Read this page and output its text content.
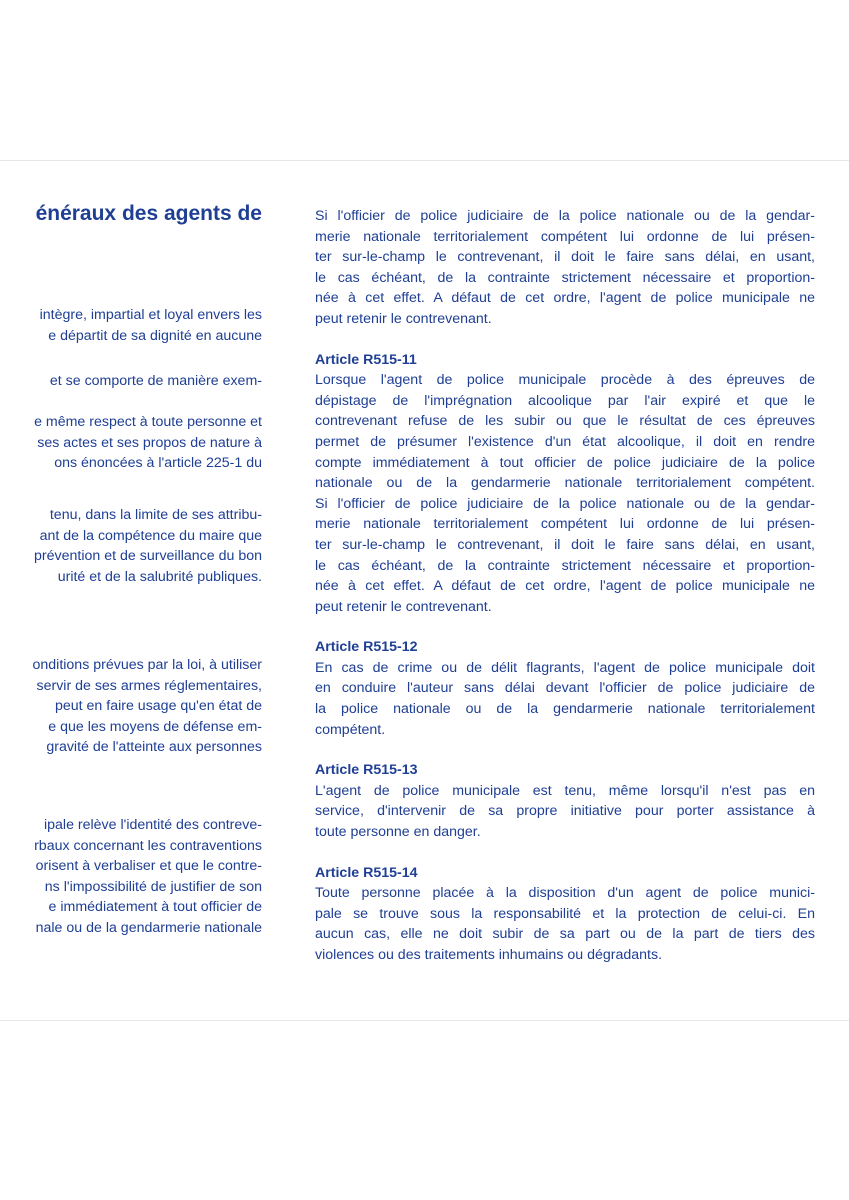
énéraux des agents de
intègre, impartial et loyal envers les
e départit de sa dignité en aucune
et se comporte de manière exem-
e même respect à toute personne et
ses actes et ses propos de nature à
ons énoncées à l'article 225-1 du
tenu, dans la limite de ses attribu-
ant de la compétence du maire que
prévention et de surveillance du bon
urité et de la salubrité publiques.
onditions prévues par la loi, à utiliser
servir de ses armes réglementaires,
peut en faire usage qu'en état de
e que les moyens de défense em-
gravité de l'atteinte aux personnes
ipale relève l'identité des contreve-
rbaux concernant les contraventions
orisent à verbaliser et que le contre-
ns l'impossibilité de justifier de son
e immédiatement à tout officier de
nale ou de la gendarmerie nationale
Si l'officier de police judiciaire de la police nationale ou de la gendar-
merie nationale territorialement compétent lui ordonne de lui présen-
ter sur-le-champ le contrevenant, il doit le faire sans délai, en usant,
le cas échéant, de la contrainte strictement nécessaire et proportion-
née à cet effet. A défaut de cet ordre, l'agent de police municipale ne
peut retenir le contrevenant.
Article R515-11
Lorsque l'agent de police municipale procède à des épreuves de
dépistage de l'imprégnation alcoolique par l'air expiré et que le
contrevenant refuse de les subir ou que le résultat de ces épreuves
permet de présumer l'existence d'un état alcoolique, il doit en rendre
compte immédiatement à tout officier de police judiciaire de la police
nationale ou de la gendarmerie nationale territorialement compétent.
Si l'officier de police judiciaire de la police nationale ou de la gendar-
merie nationale territorialement compétent lui ordonne de lui présen-
ter sur-le-champ le contrevenant, il doit le faire sans délai, en usant,
le cas échéant, de la contrainte strictement nécessaire et proportion-
née à cet effet. A défaut de cet ordre, l'agent de police municipale ne
peut retenir le contrevenant.
Article R515-12
En cas de crime ou de délit flagrants, l'agent de police municipale doit
en conduire l'auteur sans délai devant l'officier de police judiciaire de
la police nationale ou de la gendarmerie nationale territorialement
compétent.
Article R515-13
L'agent de police municipale est tenu, même lorsqu'il n'est pas en
service, d'intervenir de sa propre initiative pour porter assistance à
toute personne en danger.
Article R515-14
Toute personne placée à la disposition d'un agent de police munici-
pale se trouve sous la responsabilité et la protection de celui-ci. En
aucun cas, elle ne doit subir de sa part ou de la part de tiers des
violences ou des traitements inhumains ou dégradants.
